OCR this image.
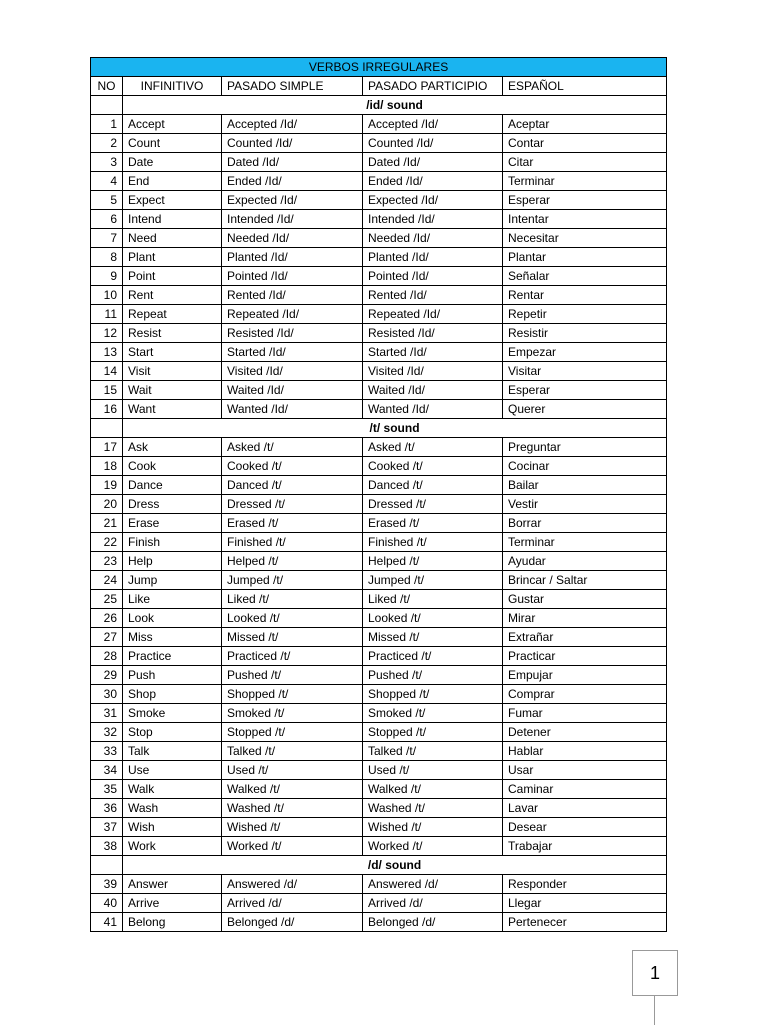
VERBOS IRREGULARES				
NO	INFINITIVO	PASADO SIMPLE	PASADO PARTICIPIO	ESPAÑOL
	/id/ sound			
1	Accept	Accepted /Id/	Accepted /Id/	Aceptar
2	Count	Counted /Id/	Counted /Id/	Contar
3	Date	Dated /Id/	Dated /Id/	Citar
4	End	Ended /Id/	Ended /Id/	Terminar
5	Expect	Expected /Id/	Expected /Id/	Esperar
6	Intend	Intended /Id/	Intended /Id/	Intentar
7	Need	Needed /Id/	Needed /Id/	Necesitar
8	Plant	Planted /Id/	Planted /Id/	Plantar
9	Point	Pointed /Id/	Pointed /Id/	Señalar
10	Rent	Rented /Id/	Rented /Id/	Rentar
11	Repeat	Repeated /Id/	Repeated /Id/	Repetir
12	Resist	Resisted /Id/	Resisted /Id/	Resistir
13	Start	Started /Id/	Started /Id/	Empezar
14	Visit	Visited /Id/	Visited /Id/	Visitar
15	Wait	Waited /Id/	Waited /Id/	Esperar
16	Want	Wanted /Id/	Wanted /Id/	Querer
	/t/ sound			
17	Ask	Asked /t/	Asked /t/	Preguntar
18	Cook	Cooked /t/	Cooked /t/	Cocinar
19	Dance	Danced /t/	Danced /t/	Bailar
20	Dress	Dressed /t/	Dressed /t/	Vestir
21	Erase	Erased /t/	Erased /t/	Borrar
22	Finish	Finished /t/	Finished /t/	Terminar
23	Help	Helped /t/	Helped /t/	Ayudar
24	Jump	Jumped /t/	Jumped /t/	Brincar / Saltar
25	Like	Liked /t/	Liked /t/	Gustar
26	Look	Looked /t/	Looked /t/	Mirar
27	Miss	Missed /t/	Missed /t/	Extrañar
28	Practice	Practiced /t/	Practiced /t/	Practicar
29	Push	Pushed /t/	Pushed /t/	Empujar
30	Shop	Shopped /t/	Shopped /t/	Comprar
31	Smoke	Smoked /t/	Smoked /t/	Fumar
32	Stop	Stopped /t/	Stopped /t/	Detener
33	Talk	Talked /t/	Talked /t/	Hablar
34	Use	Used /t/	Used /t/	Usar
35	Walk	Walked /t/	Walked /t/	Caminar
36	Wash	Washed /t/	Washed /t/	Lavar
37	Wish	Wished /t/	Wished /t/	Desear
38	Work	Worked /t/	Worked /t/	Trabajar
	/d/ sound			
39	Answer	Answered /d/	Answered /d/	Responder
40	Arrive	Arrived /d/	Arrived /d/	Llegar
41	Belong	Belonged /d/	Belonged /d/	Pertenecer
1
